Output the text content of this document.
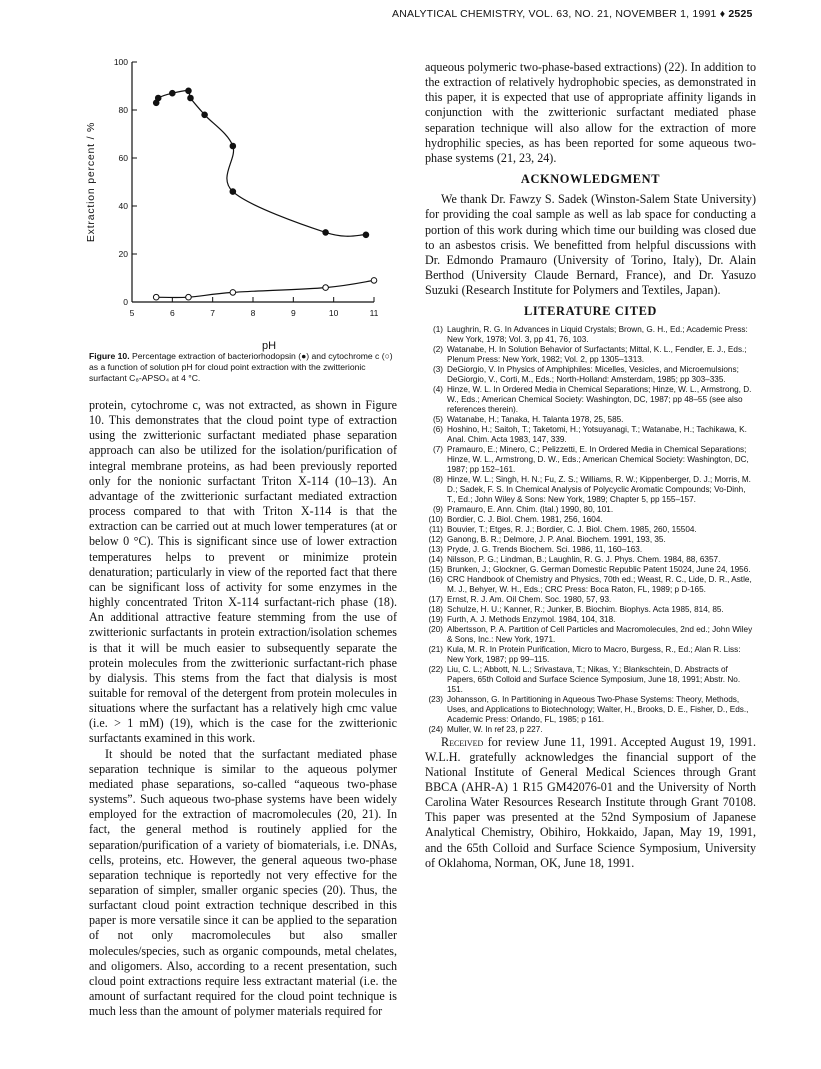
ANALYTICAL CHEMISTRY, VOL. 63, NO. 21, NOVEMBER 1, 1991 ♦ 2525
0
20
40
60
80
100
5	6	7	8	9	10	11
pH
Extraction percent / %
Figure 10. Percentage extraction of bacteriorhodopsin (●) and cytochrome c (○) as a function of solution pH for cloud point extraction with the zwitterionic surfactant C₈-APSO₄ at 4 °C.

protein, cytochrome c, was not extracted, as shown in Figure 10. This demonstrates that the cloud point type of extraction using the zwitterionic surfactant mediated phase separation approach can also be utilized for the isolation/purification of integral membrane proteins, as had been previously reported only for the nonionic surfactant Triton X-114 (10–13). An advantage of the zwitterionic surfactant mediated extraction process compared to that with Triton X-114 is that the extraction can be carried out at much lower temperatures (at or below 0 °C). This is significant since use of lower extraction temperatures helps to prevent or minimize protein denaturation; particularly in view of the reported fact that there can be significant loss of activity for some enzymes in the highly concentrated Triton X-114 surfactant-rich phase (18). An additional attractive feature stemming from the use of zwitterionic surfactants in protein extraction/isolation schemes is that it will be much easier to subsequently separate the protein molecules from the zwitterionic surfactant-rich phase by dialysis. This stems from the fact that dialysis is most suitable for removal of the detergent from protein molecules in situations where the surfactant has a relatively high cmc value (i.e. > 1 mM) (19), which is the case for the zwitterionic surfactants examined in this work.

It should be noted that the surfactant mediated phase separation technique is similar to the aqueous polymer mediated phase separations, so-called “aqueous two-phase systems”. Such aqueous two-phase systems have been widely employed for the extraction of macromolecules (20, 21). In fact, the general method is routinely applied for the separation/purification of a variety of biomaterials, i.e. DNAs, cells, proteins, etc. However, the general aqueous two-phase separation technique is reportedly not very effective for the separation of simpler, smaller organic species (20). Thus, the surfactant cloud point extraction technique described in this paper is more versatile since it can be applied to the separation of not only macromolecules but also smaller molecules/species, such as organic compounds, metal chelates, and oligomers. Also, according to a recent presentation, such cloud point extractions require less extractant material (i.e. the amount of surfactant required for the cloud point technique is much less than the amount of polymer materials required for

aqueous polymeric two-phase-based extractions) (22). In addition to the extraction of relatively hydrophobic species, as demonstrated in this paper, it is expected that use of appropriate affinity ligands in conjunction with the zwitterionic surfactant mediated phase separation technique will also allow for the extraction of more hydrophilic species, as has been reported for some aqueous two-phase systems (21, 23, 24).

ACKNOWLEDGMENT

We thank Dr. Fawzy S. Sadek (Winston-Salem State University) for providing the coal sample as well as lab space for conducting a portion of this work during which time our building was closed due to an asbestos crisis. We benefitted from helpful discussions with Dr. Edmondo Pramauro (University of Torino, Italy), Dr. Alain Berthod (University Claude Bernard, France), and Dr. Yasuzo Suzuki (Research Institute for Polymers and Textiles, Japan).

LITERATURE CITED
(1) Laughrin, R. G. In Advances in Liquid Crystals; Brown, G. H., Ed.; Academic Press: New York, 1978; Vol. 3, pp 41, 76, 103.
(2) Watanabe, H. In Solution Behavior of Surfactants; Mittal, K. L., Fendler, E. J., Eds.; Plenum Press: New York, 1982; Vol. 2, pp 1305–1313.
(3) DeGiorgio, V. In Physics of Amphiphiles: Micelles, Vesicles, and Microemulsions; DeGiorgio, V., Corti, M., Eds.; North-Holland: Amsterdam, 1985; pp 303–335.
(4) Hinze, W. L. In Ordered Media in Chemical Separations; Hinze, W. L., Armstrong, D. W., Eds.; American Chemical Society: Washington, DC, 1987; pp 48–55 (see also references therein).
(5) Watanabe, H.; Tanaka, H. Talanta 1978, 25, 585.
(6) Hoshino, H.; Saitoh, T.; Taketomi, H.; Yotsuyanagi, T.; Watanabe, H.; Tachikawa, K. Anal. Chim. Acta 1983, 147, 339.
(7) Pramauro, E.; Minero, C.; Pelizzetti, E. In Ordered Media in Chemical Separations; Hinze, W. L., Armstrong, D. W., Eds.; American Chemical Society: Washington, DC, 1987; pp 152–161.
(8) Hinze, W. L.; Singh, H. N.; Fu, Z. S.; Williams, R. W.; Kippenberger, D. J.; Morris, M. D.; Sadek, F. S. In Chemical Analysis of Polycyclic Aromatic Compounds; Vo-Dinh, T., Ed.; John Wiley & Sons: New York, 1989; Chapter 5, pp 155–157.
(9) Pramauro, E. Ann. Chim. (Ital.) 1990, 80, 101.
(10) Bordier, C. J. Biol. Chem. 1981, 256, 1604.
(11) Bouvier, T.; Etges, R. J.; Bordier, C. J. Biol. Chem. 1985, 260, 15504.
(12) Ganong, B. R.; Delmore, J. P. Anal. Biochem. 1991, 193, 35.
(13) Pryde, J. G. Trends Biochem. Sci. 1986, 11, 160–163.
(14) Nilsson, P. G.; Lindman, B.; Laughlin, R. G. J. Phys. Chem. 1984, 88, 6357.
(15) Brunken, J.; Glockner, G. German Domestic Republic Patent 15024, June 24, 1956.
(16) CRC Handbook of Chemistry and Physics, 70th ed.; Weast, R. C., Lide, D. R., Astle, M. J., Behyer, W. H., Eds.; CRC Press: Boca Raton, FL, 1989; p D-165.
(17) Ernst, R. J. Am. Oil Chem. Soc. 1980, 57, 93.
(18) Schulze, H. U.; Kanner, R.; Junker, B. Biochim. Biophys. Acta 1985, 814, 85.
(19) Furth, A. J. Methods Enzymol. 1984, 104, 318.
(20) Albertsson, P. A. Partition of Cell Particles and Macromolecules, 2nd ed.; John Wiley & Sons, Inc.: New York, 1971.
(21) Kula, M. R. In Protein Purification, Micro to Macro, Burgess, R., Ed.; Alan R. Liss: New York, 1987; pp 99–115.
(22) Liu, C. L.; Abbott, N. L.; Srivastava, T.; Nikas, Y.; Blankschtein, D. Abstracts of Papers, 65th Colloid and Surface Science Symposium, June 18, 1991; Abstr. No. 151.
(23) Johansson, G. In Partitioning in Aqueous Two-Phase Systems: Theory, Methods, Uses, and Applications to Biotechnology; Walter, H., Brooks, D. E., Fisher, D., Eds., Academic Press: Orlando, FL, 1985; p 161.
(24) Muller, W. In ref 23, p 227.

Received for review June 11, 1991. Accepted August 19, 1991. W.L.H. gratefully acknowledges the financial support of the National Institute of General Medical Sciences through Grant BBCA (AHR-A) 1 R15 GM42076-01 and the University of North Carolina Water Resources Research Institute through Grant 70108. This paper was presented at the 52nd Symposium of Japanese Analytical Chemistry, Obihiro, Hokkaido, Japan, May 19, 1991, and the 65th Colloid and Surface Science Symposium, University of Oklahoma, Norman, OK, June 18, 1991.
